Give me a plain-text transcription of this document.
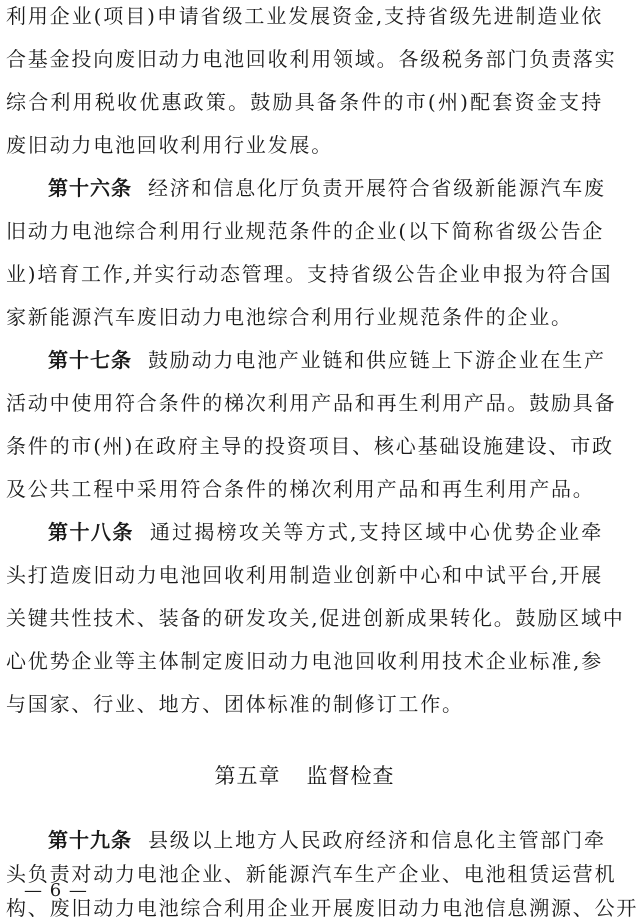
利用企业(项目)申请省级工业发展资金,支持省级先进制造业依
合基金投向废旧动力电池回收利用领域。各级税务部门负责落实
综合利用税收优惠政策。鼓励具备条件的市(州)配套资金支持
废旧动力电池回收利用行业发展。
第十六条 经济和信息化厅负责开展符合省级新能源汽车废
旧动力电池综合利用行业规范条件的企业(以下简称省级公告企
业)培育工作,并实行动态管理。支持省级公告企业申报为符合国
家新能源汽车废旧动力电池综合利用行业规范条件的企业。
第十七条 鼓励动力电池产业链和供应链上下游企业在生产
活动中使用符合条件的梯次利用产品和再生利用产品。鼓励具备
条件的市(州)在政府主导的投资项目、核心基础设施建设、市政
及公共工程中采用符合条件的梯次利用产品和再生利用产品。
第十八条 通过揭榜攻关等方式,支持区域中心优势企业牵
头打造废旧动力电池回收利用制造业创新中心和中试平台,开展
关键共性技术、装备的研发攻关,促进创新成果转化。鼓励区域中
心优势企业等主体制定废旧动力电池回收利用技术企业标准,参
与国家、行业、地方、团体标准的制修订工作。
第五章 监督检查
第十九条 县级以上地方人民政府经济和信息化主管部门牵
头负责对动力电池企业、新能源汽车生产企业、电池租赁运营机
构、废旧动力电池综合利用企业开展废旧动力电池信息溯源、公开
— 6 —
